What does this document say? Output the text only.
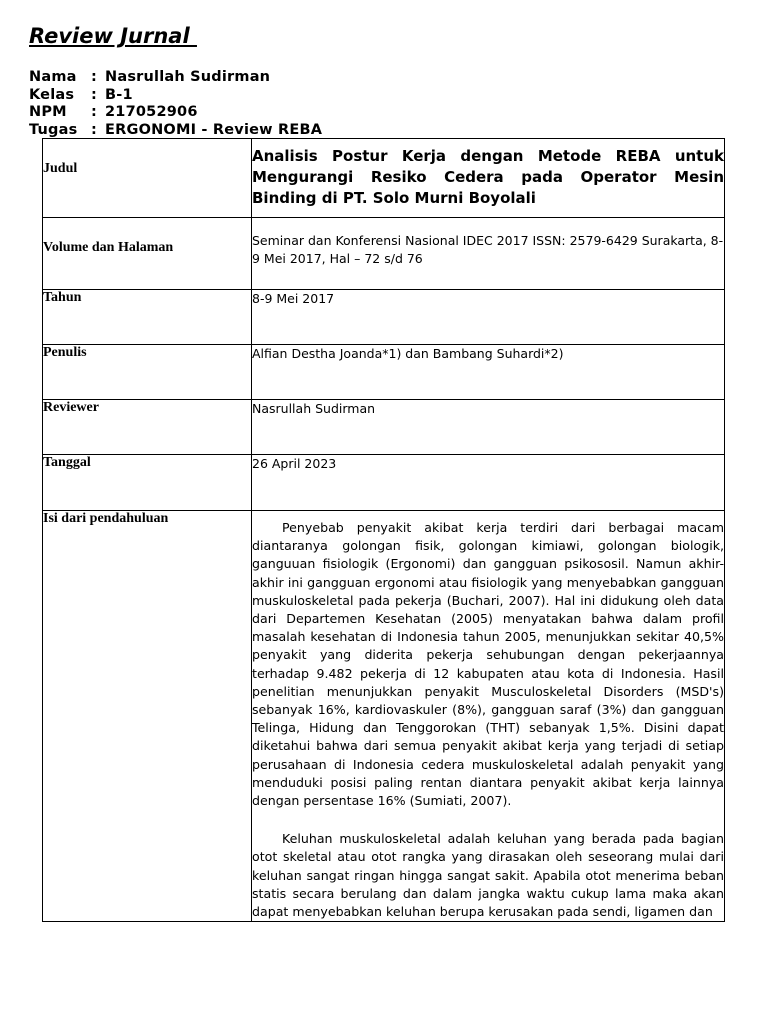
Review Jurnal
Nama : Nasrullah Sudirman
Kelas	: B-1
NPM	: 217052906
Tugas : ERGONOMI - Review REBA
Judul	Analisis Postur Kerja dengan Metode REBA untuk Mengurangi Resiko Cedera pada Operator Mesin Binding di PT. Solo Murni Boyolali
Volume dan Halaman	Seminar dan Konferensi Nasional IDEC 2017 ISSN: 2579-6429 Surakarta, 8-9 Mei 2017, Hal – 72 s/d 76
Tahun	8-9 Mei 2017
Penulis	Alfian Destha Joanda*1) dan Bambang Suhardi*2)
Reviewer	Nasrullah Sudirman
Tanggal	26 April 2023
Isi dari pendahuluan	Penyebab penyakit akibat kerja terdiri dari berbagai macam diantaranya golongan fisik, golongan kimiawi, golongan biologik, ganguuan fisiologik (Ergonomi) dan gangguan psikososil. Namun akhir-akhir ini gangguan ergonomi atau fisiologik yang menyebabkan gangguan muskuloskeletal pada pekerja (Buchari, 2007). Hal ini didukung oleh data dari Departemen Kesehatan (2005) menyatakan bahwa dalam profil masalah kesehatan di Indonesia tahun 2005, menunjukkan sekitar 40,5% penyakit yang diderita pekerja sehubungan dengan pekerjaannya terhadap 9.482 pekerja di 12 kabupaten atau kota di Indonesia. Hasil penelitian menunjukkan penyakit Musculoskeletal Disorders (MSD's) sebanyak 16%, kardiovaskuler (8%), gangguan saraf (3%) dan gangguan Telinga, Hidung dan Tenggorokan (THT) sebanyak 1,5%. Disini dapat diketahui bahwa dari semua penyakit akibat kerja yang terjadi di setiap perusahaan di Indonesia cedera muskuloskeletal adalah penyakit yang menduduki posisi paling rentan diantara penyakit akibat kerja lainnya dengan persentase 16% (Sumiati, 2007).

Keluhan muskuloskeletal adalah keluhan yang berada pada bagian otot skeletal atau otot rangka yang dirasakan oleh seseorang mulai dari keluhan sangat ringan hingga sangat sakit. Apabila otot menerima beban statis secara berulang dan dalam jangka waktu cukup lama maka akan dapat menyebabkan keluhan berupa kerusakan pada sendi, ligamen dan
